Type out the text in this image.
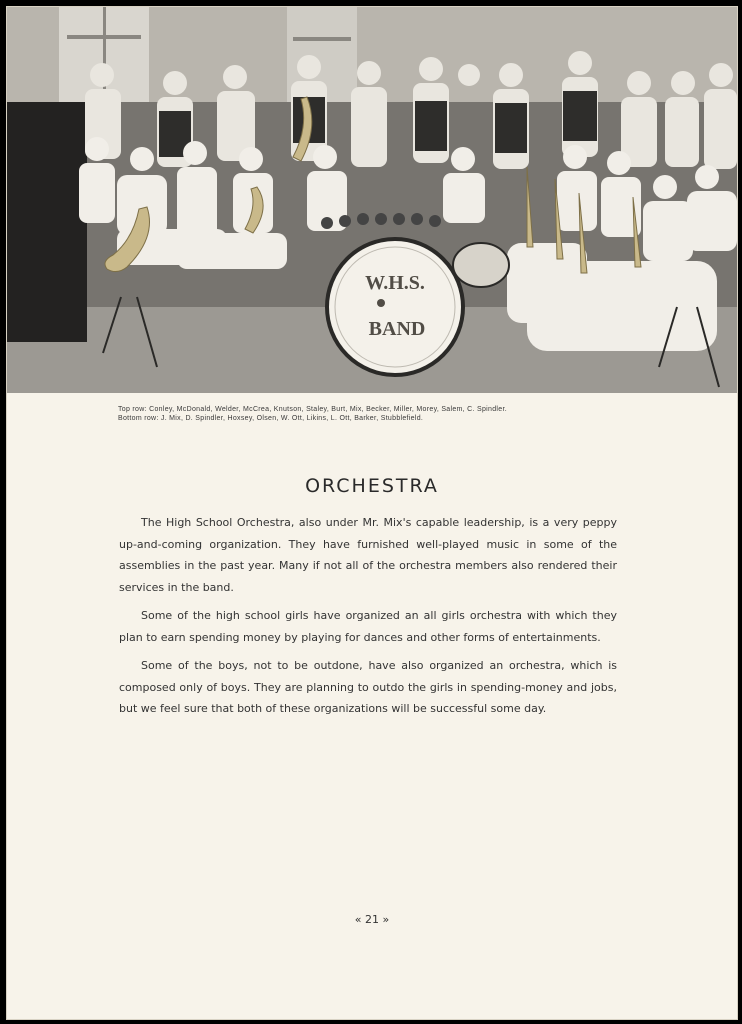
W.H.S.
BAND
Top row: Conley, McDonald, Welder, McCrea, Knutson, Staley, Burt, Mix, Becker, Miller, Morey, Salem, C. Spindler.
Bottom row: J. Mix, D. Spindler, Hoxsey, Olsen, W. Ott, Likins, L. Ott, Barker, Stubblefield.
ORCHESTRA

The High School Orchestra, also under Mr. Mix's capable leadership, is a very peppy up-and-coming organization. They have furnished well-played music in some of the assemblies in the past year. Many if not all of the orchestra members also rendered their services in the band.

Some of the high school girls have organized an all girls orchestra with which they plan to earn spending money by playing for dances and other forms of entertainments.

Some of the boys, not to be outdone, have also organized an orchestra, which is composed only of boys. They are planning to outdo the girls in spending-money and jobs, but we feel sure that both of these organizations will be successful some day.

« 21 »
